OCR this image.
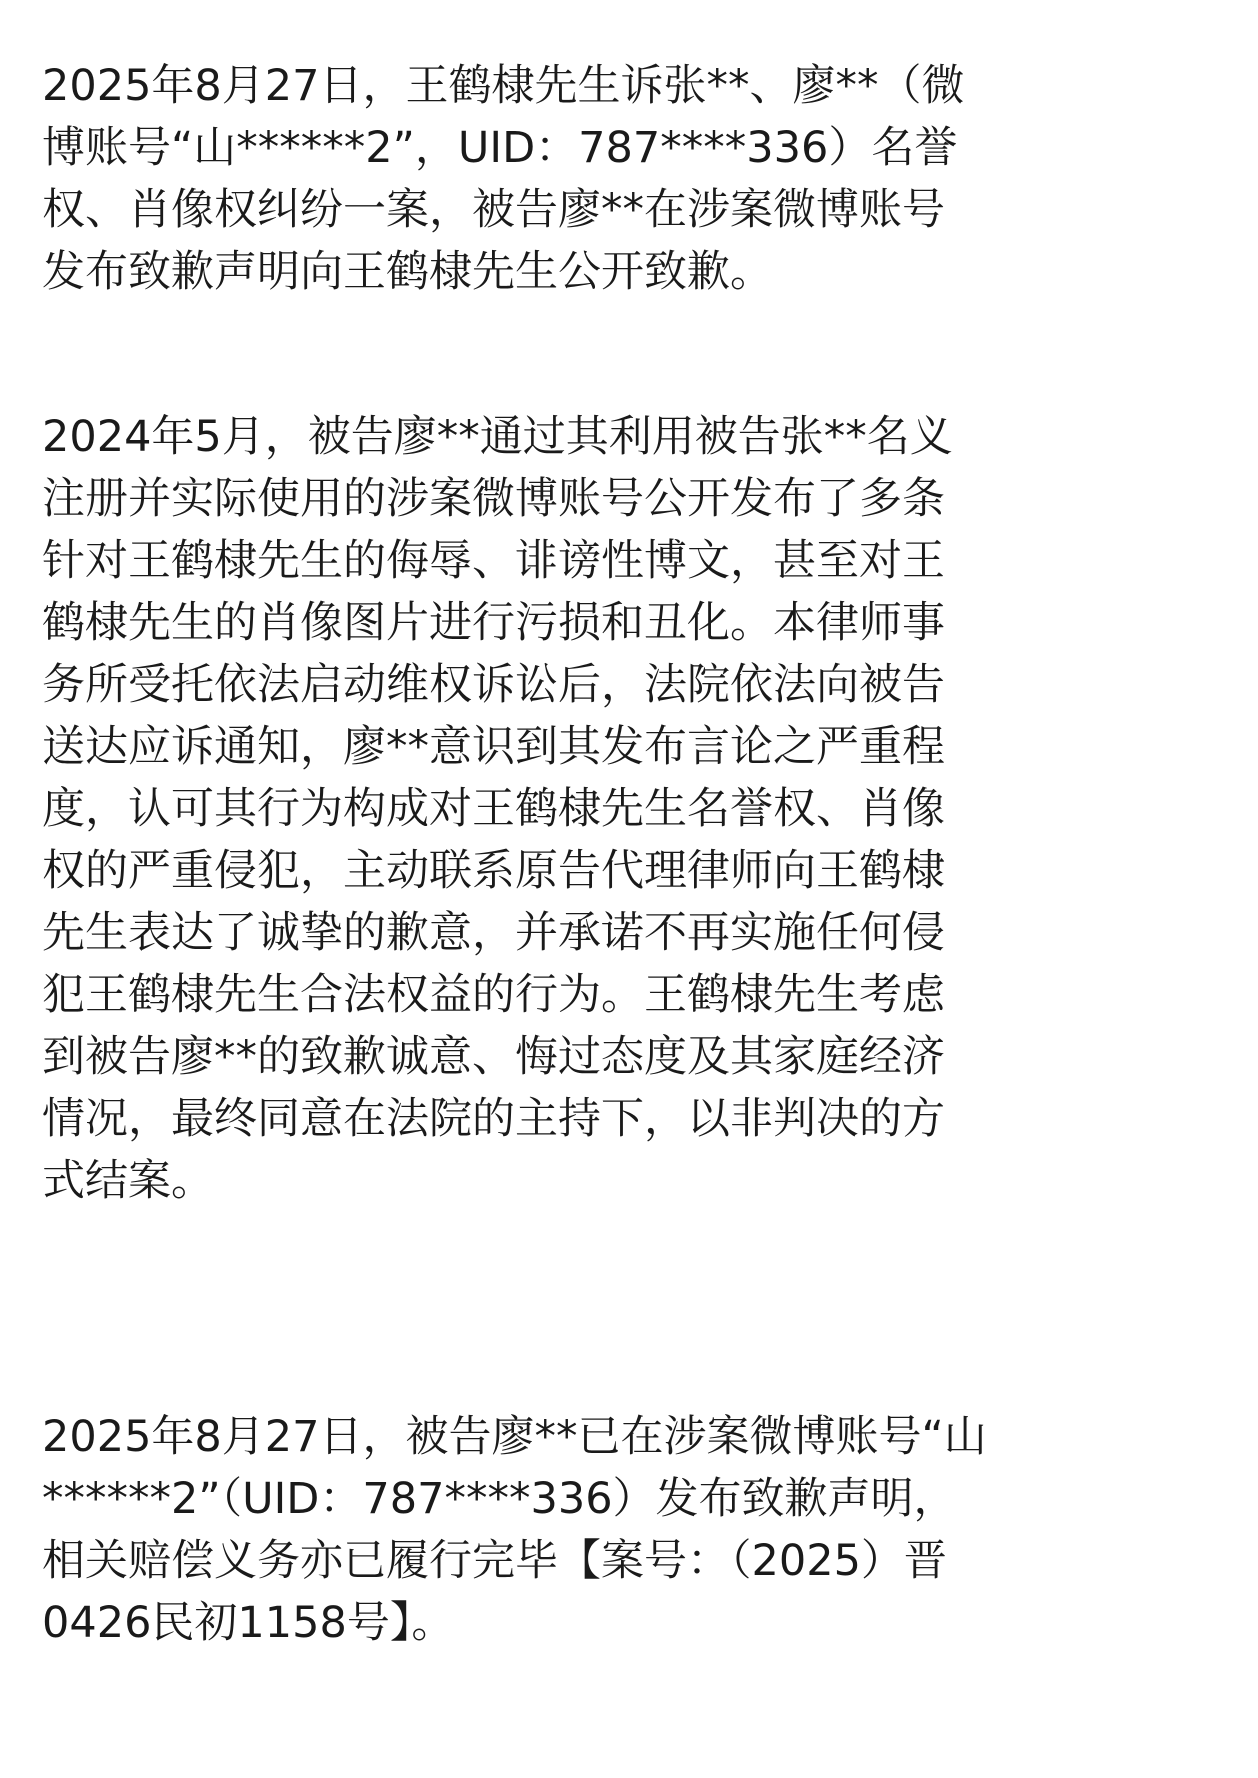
2025年8月27日，王鹤棣先生诉张**、廖**（微
博账号“山******2”，UID：787****336）名誉
权、肖像权纠纷一案，被告廖**在涉案微博账号
发布致歉声明向王鹤棣先生公开致歉。
2024年5月，被告廖**通过其利用被告张**名义
注册并实际使用的涉案微博账号公开发布了多条
针对王鹤棣先生的侮辱、诽谤性博文，甚至对王
鹤棣先生的肖像图片进行污损和丑化。本律师事
务所受托依法启动维权诉讼后，法院依法向被告
送达应诉通知，廖**意识到其发布言论之严重程
度，认可其行为构成对王鹤棣先生名誉权、肖像
权的严重侵犯，主动联系原告代理律师向王鹤棣
先生表达了诚挚的歉意，并承诺不再实施任何侵
犯王鹤棣先生合法权益的行为。王鹤棣先生考虑
到被告廖**的致歉诚意、悔过态度及其家庭经济
情况，最终同意在法院的主持下，以非判决的方
式结案。
2025年8月27日，被告廖**已在涉案微博账号“山
******2”（UID：787****336）发布致歉声明，
相关赔偿义务亦已履行完毕【案号：（2025）晋
0426民初1158号】。
